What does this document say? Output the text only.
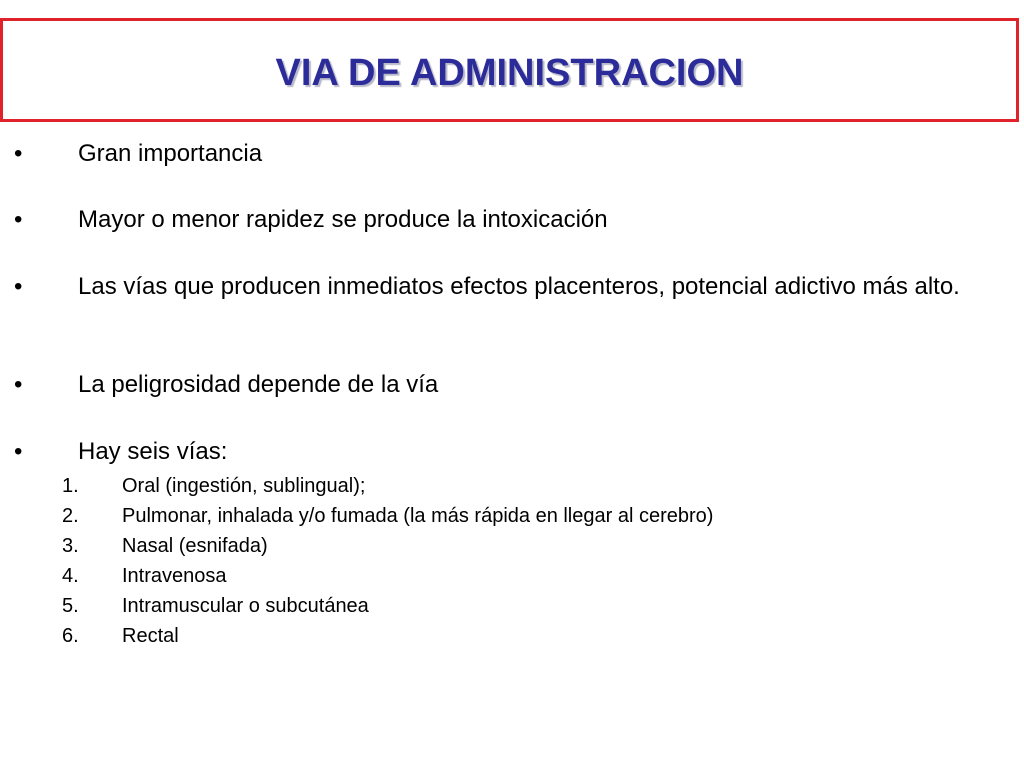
VIA DE ADMINISTRACION
•	Gran importancia
•	Mayor o menor rapidez se produce la intoxicación
•	Las vías que producen inmediatos efectos placenteros, potencial adictivo más alto.
•	La peligrosidad depende de la vía
•	Hay seis vías:
1.	Oral (ingestión, sublingual);
2.	Pulmonar, inhalada y/o fumada (la más rápida en llegar al cerebro)
3.	Nasal (esnifada)
4.	Intravenosa
5.	Intramuscular o subcutánea
6.	Rectal
